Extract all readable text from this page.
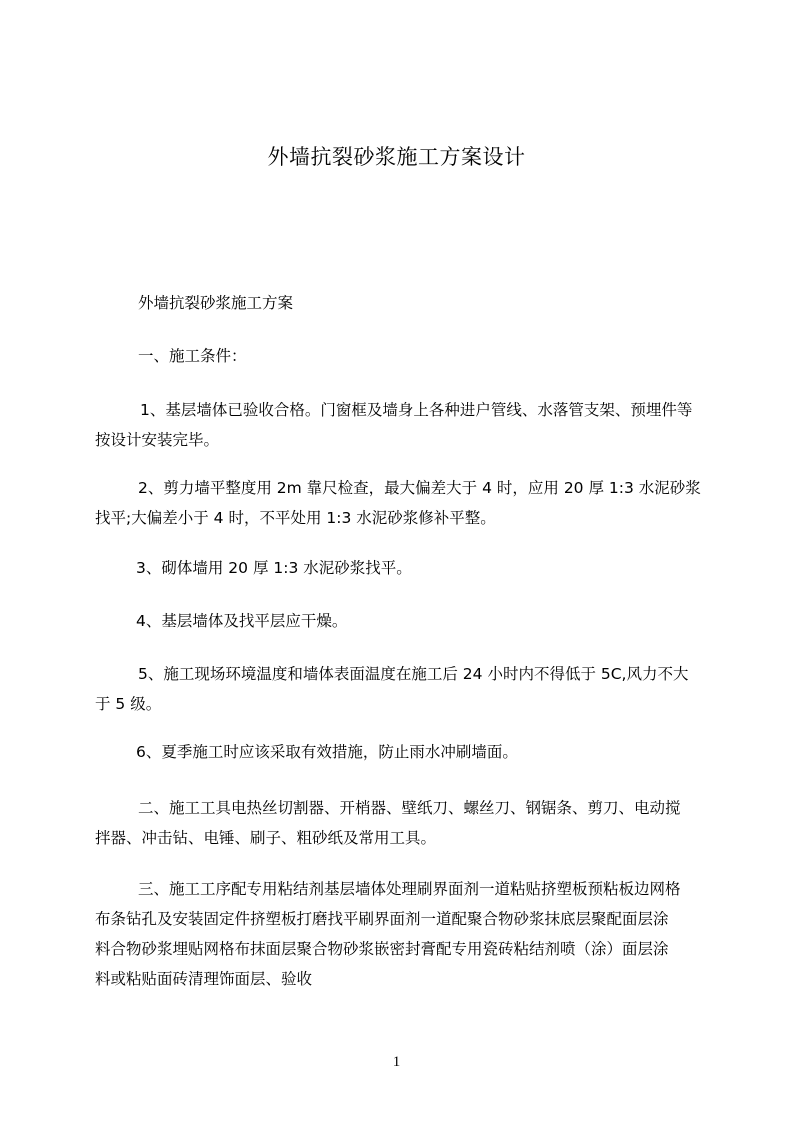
外墙抗裂砂浆施工方案设计
外墙抗裂砂浆施工方案
一、施工条件：
1、基层墙体已验收合格。门窗框及墙身上各种进户管线、水落管支架、预埋件等
按设计安装完毕。
2、剪力墙平整度用 2m 靠尺检查，最大偏差大于 4 时，应用 20 厚 1:3 水泥砂浆
找平;大偏差小于 4 时，不平处用 1:3 水泥砂浆修补平整。
3、砌体墙用 20 厚 1:3 水泥砂浆找平。
4、基层墙体及找平层应干燥。
5、施工现场环境温度和墙体表面温度在施工后 24 小时内不得低于 5C,风力不大
于 5 级。
6、夏季施工时应该采取有效措施，防止雨水冲刷墙面。
二、施工工具电热丝切割器、开梢器、壁纸刀、螺丝刀、钢锯条、剪刀、电动搅
拌器、冲击钻、电锤、刷子、粗砂纸及常用工具。
三、施工工序配专用粘结剂基层墙体处理刷界面剂一道粘贴挤塑板预粘板边网格
布条钻孔及安装固定件挤塑板打磨找平刷界面剂一道配聚合物砂浆抹底层聚配面层涂
料合物砂浆埋贴网格布抹面层聚合物砂浆嵌密封膏配专用瓷砖粘结剂喷（涂）面层涂
料或粘贴面砖清理饰面层、验收
1
